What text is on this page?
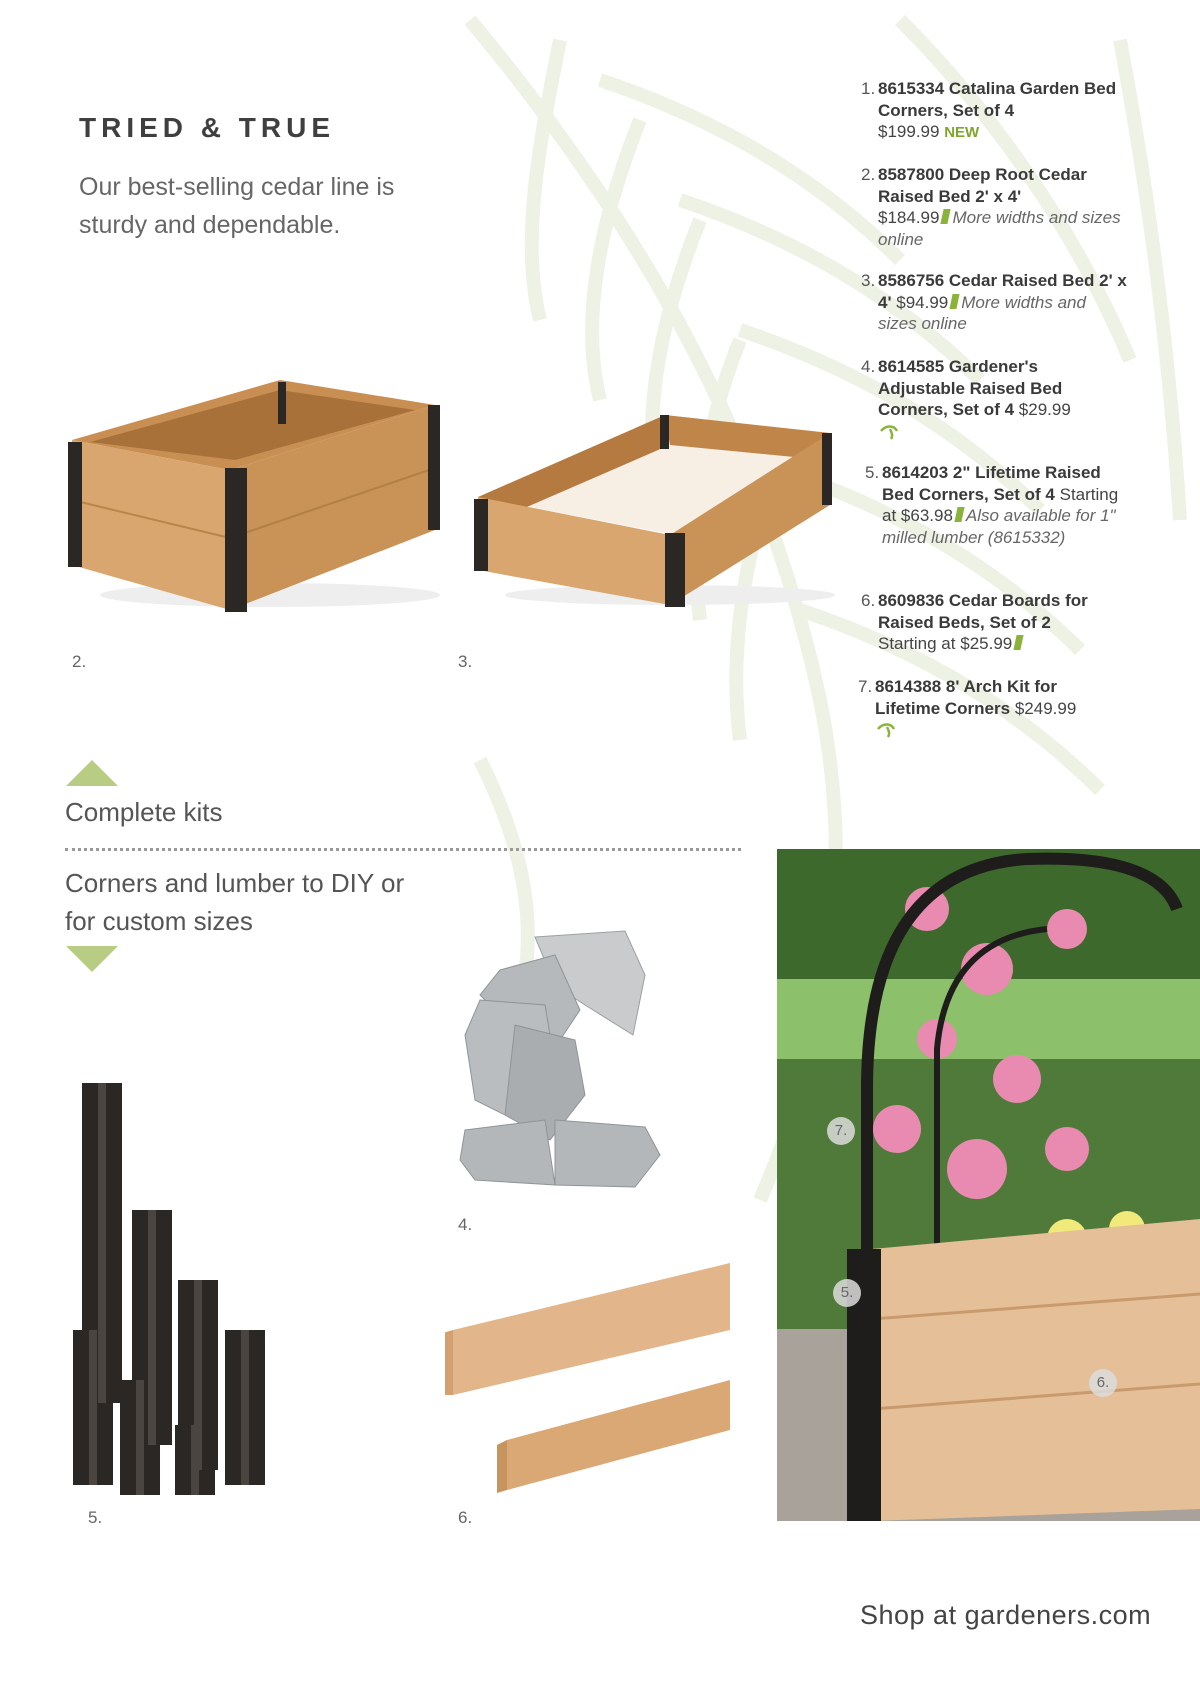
TRIED & TRUE
Our best-selling cedar line is sturdy and dependable.
1. 8615334 Catalina Garden Bed Corners, Set of 4
$199.99 NEW
2. 8587800 Deep Root Cedar Raised Bed 2' x 4'
$184.99 More widths and sizes online
3. 8586756 Cedar Raised Bed 2' x 4' $94.99 More widths and sizes online
4. 8614585 Gardener's Adjustable Raised Bed Corners, Set of 4 $29.99
5. 8614203 2" Lifetime Raised Bed Corners, Set of 4 Starting at $63.98 Also available for 1" milled lumber (8615332)
6. 8609836 Cedar Boards for Raised Beds, Set of 2
Starting at $25.99
7. 8614388 8' Arch Kit for Lifetime Corners $249.99
2.	3.
Complete kits
Corners and lumber to DIY or for custom sizes
4.
5.	6.
7.
5.
6.
Shop at gardeners.com
